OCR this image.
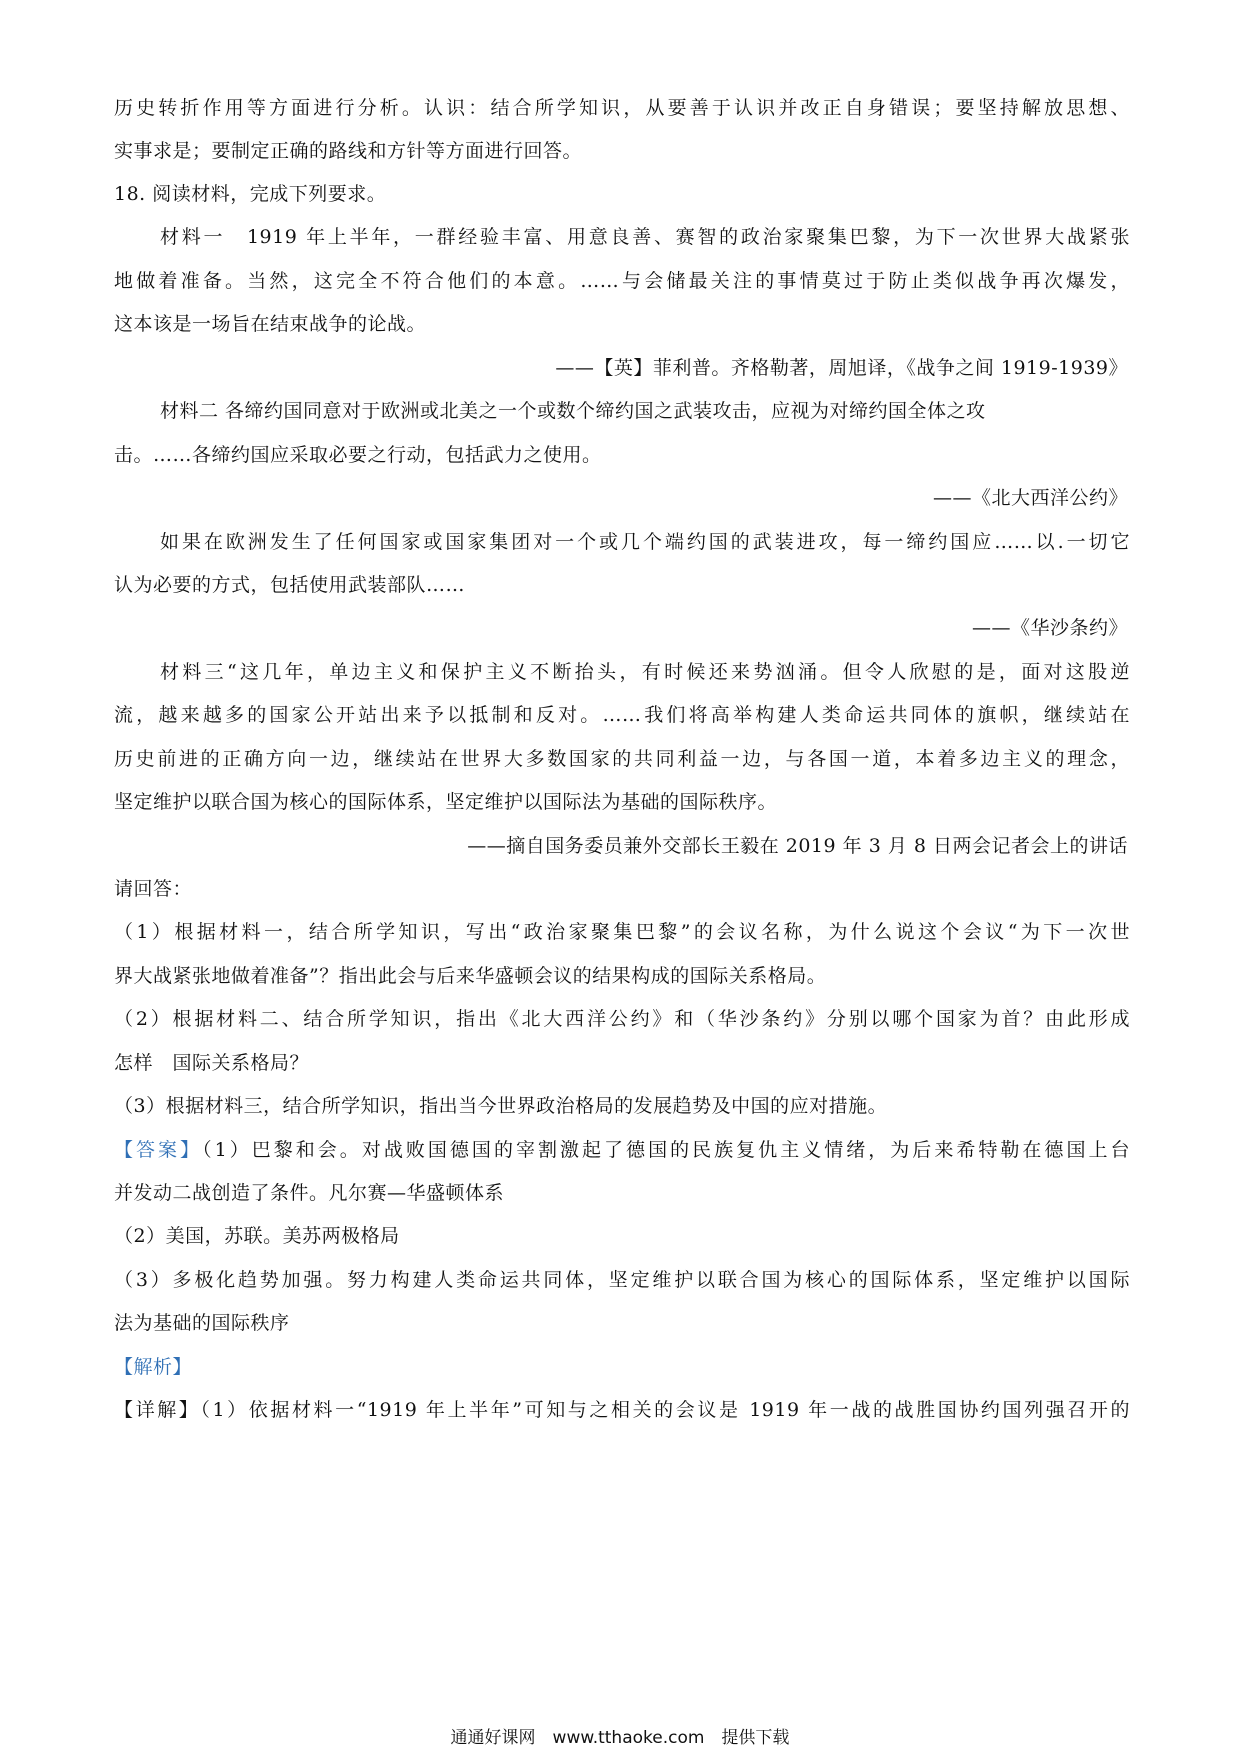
历史转折作用等方面进行分析。认识：结合所学知识，从要善于认识并改正自身错误；要坚持解放思想、
实事求是；要制定正确的路线和方针等方面进行回答。
18. 阅读材料，完成下列要求。
材料一　1919 年上半年，一群经验丰富、用意良善、赛智的政治家聚集巴黎，为下一次世界大战紧张
地做着准备。当然，这完全不符合他们的本意。……与会储最关注的事情莫过于防止类似战争再次爆发，
这本该是一场旨在结束战争的论战。
——【英】菲利普。齐格勒著，周旭译，《战争之间 1919-1939》
材料二 各缔约国同意对于欧洲或北美之一个或数个缔约国之武装攻击，应视为对缔约国全体之攻
击。……各缔约国应采取必要之行动，包括武力之使用。
——《北大西洋公约》
如果在欧洲发生了任何国家或国家集团对一个或几个端约国的武装进攻，每一缔约国应……以.一切它
认为必要的方式，包括使用武装部队……
——《华沙条约》
材料三“这几年，单边主义和保护主义不断抬头，有时候还来势汹涌。但令人欣慰的是，面对这股逆
流，越来越多的国家公开站出来予以抵制和反对。……我们将高举构建人类命运共同体的旗帜，继续站在
历史前进的正确方向一边，继续站在世界大多数国家的共同利益一边，与各国一道，本着多边主义的理念，
坚定维护以联合国为核心的国际体系，坚定维护以国际法为基础的国际秩序。
——摘自国务委员兼外交部长王毅在 2019 年 3 月 8 日两会记者会上的讲话
请回答：
（1）根据材料一，结合所学知识，写出“政治家聚集巴黎”的会议名称，为什么说这个会议“为下一次世
界大战紧张地做着准备”？指出此会与后来华盛顿会议的结果构成的国际关系格局。
（2）根据材料二、结合所学知识，指出《北大西洋公约》和（华沙条约》分别以哪个国家为首？由此形成
怎样　国际关系格局？
（3）根据材料三，结合所学知识，指出当今世界政治格局的发展趋势及中国的应对措施。
【答案】（1）巴黎和会。对战败国德国的宰割激起了德国的民族复仇主义情绪，为后来希特勒在德国上台
并发动二战创造了条件。凡尔赛—华盛顿体系
（2）美国，苏联。美苏两极格局
（3）多极化趋势加强。努力构建人类命运共同体，坚定维护以联合国为核心的国际体系，坚定维护以国际
法为基础的国际秩序
【解析】
【详解】（1）依据材料一“1919 年上半年”可知与之相关的会议是 1919 年一战的战胜国协约国列强召开的
通通好课网　www.tthaoke.com　提供下载
